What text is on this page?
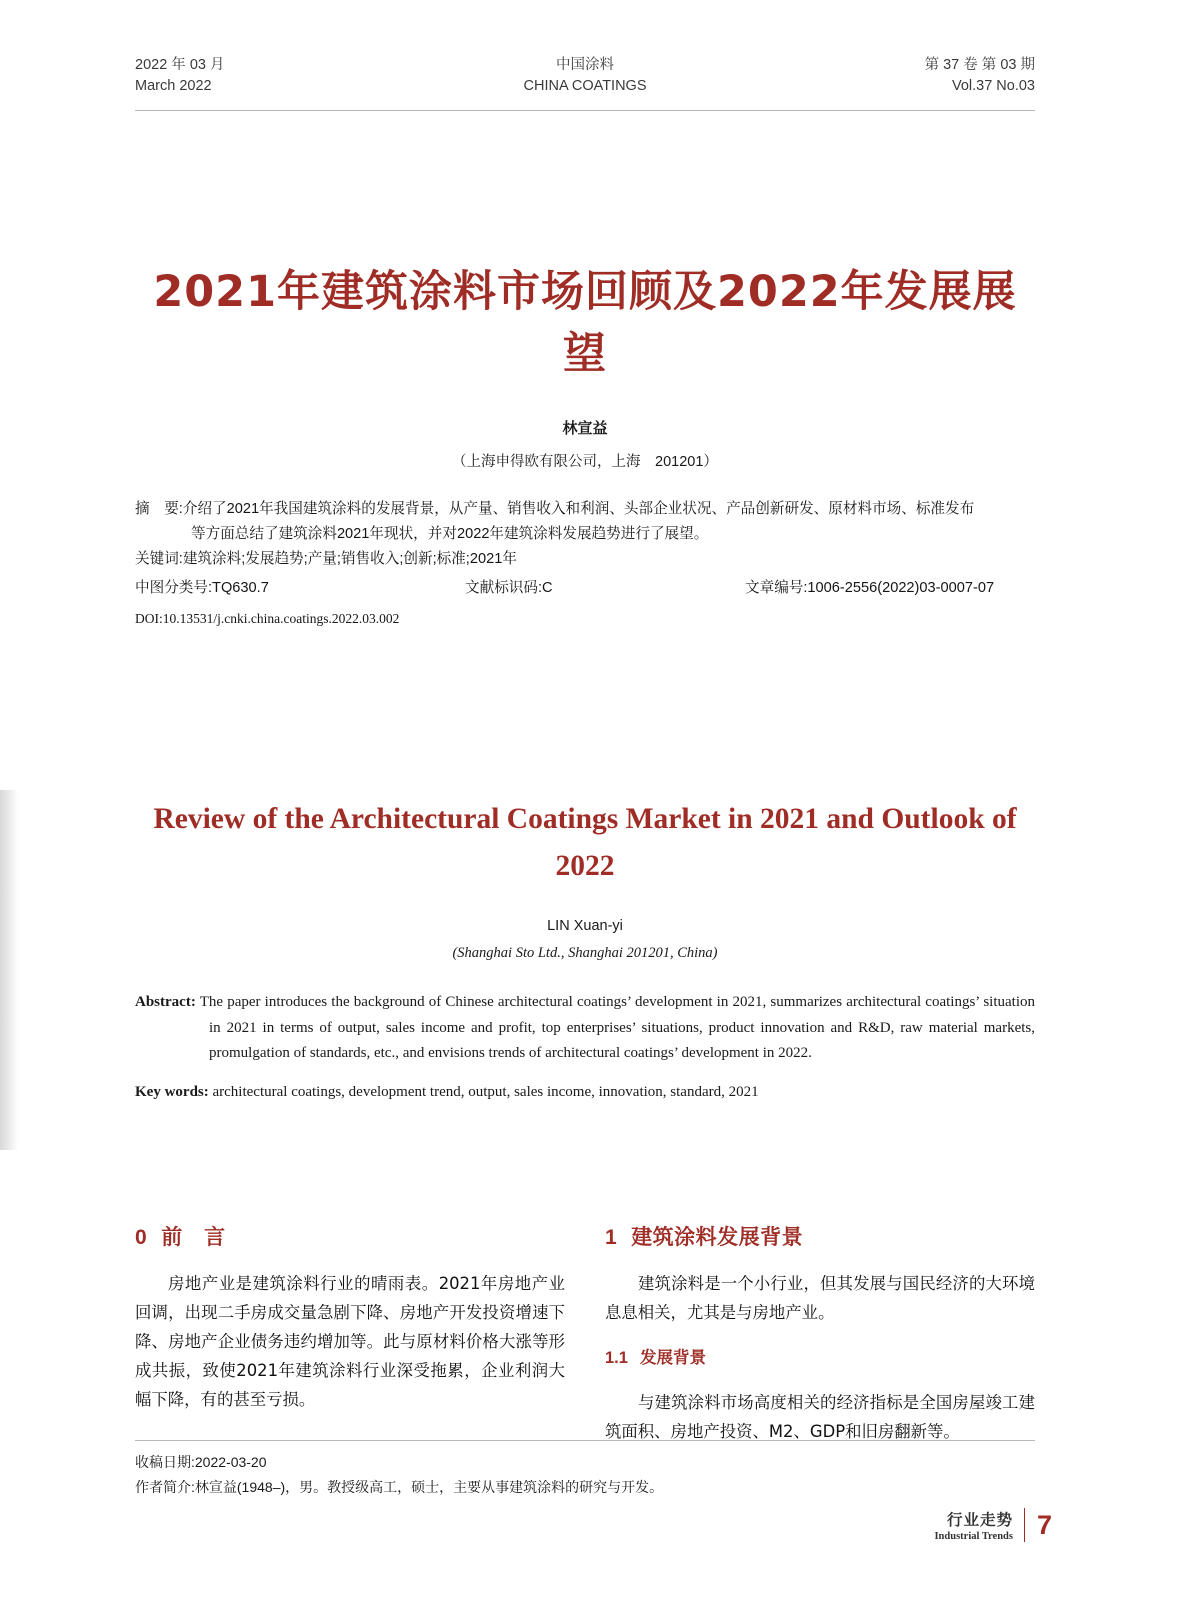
2022 年 03 月
March 2022
中国涂料
CHINA COATINGS
第 37 卷 第 03 期
Vol.37 No.03
2021年建筑涂料市场回顾及2022年发展展望
林宣益
（上海申得欧有限公司，上海　201201）
摘　要: 介绍了2021年我国建筑涂料的发展背景，从产量、销售收入和利润、头部企业状况、产品创新研发、原材料市场、标准发布
等方面总结了建筑涂料2021年现状，并对2022年建筑涂料发展趋势进行了展望。
关键词: 建筑涂料;发展趋势;产量;销售收入;创新;标准;2021年
中图分类号:TQ630.7	文献标识码:C	文章编号:1006-2556(2022)03-0007-07
DOI:10.13531/j.cnki.china.coatings.2022.03.002
Review of the Architectural Coatings Market in 2021 and Outlook of 2022
LIN Xuan-yi
(Shanghai Sto Ltd., Shanghai 201201, China)

Abstract: The paper introduces the background of Chinese architectural coatings’ development in 2021, summarizes architectural coatings’ situation in 2021 in terms of output, sales income and profit, top enterprises’ situations, product innovation and R&D, raw material markets, promulgation of standards, etc., and envisions trends of architectural coatings’ development in 2022.

Key words: architectural coatings, development trend, output, sales income, innovation, standard, 2021

0 前　言

房地产业是建筑涂料行业的晴雨表。2021年房地产业回调，出现二手房成交量急剧下降、房地产开发投资增速下降、房地产企业债务违约增加等。此与原材料价格大涨等形成共振，致使2021年建筑涂料行业深受拖累，企业利润大幅下降，有的甚至亏损。

1 建筑涂料发展背景

建筑涂料是一个小行业，但其发展与国民经济的大环境息息相关，尤其是与房地产业。

1.1 发展背景

与建筑涂料市场高度相关的经济指标是全国房屋竣工建筑面积、房地产投资、M2、GDP和旧房翻新等。

收稿日期:2022-03-20
作者简介:林宣益(1948–)，男。教授级高工，硕士，主要从事建筑涂料的研究与开发。
行业走势
Industrial Trends 7
